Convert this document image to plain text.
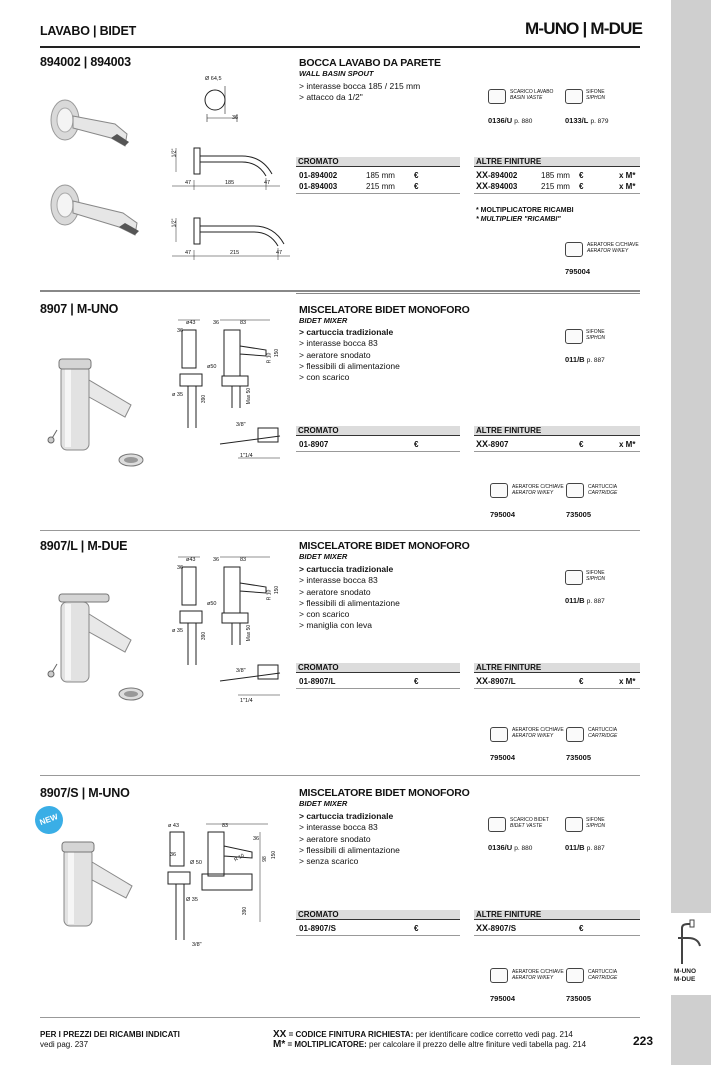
M-UNO
M-DUE
LAVABO | BIDET	M-UNO | M-DUE
894002 | 894003
Ø 64,5
36
1/2"
47	185	47
1/2"
47	215	47
BOCCA LAVABO DA PARETE
WALL BASIN SPOUT
> interasse bocca 185 / 215 mm
> attacco da 1/2"
SCARICO LAVABO
BASIN VASTE
SIFONE
SIPHON
0136/U p. 880	0133/L p. 879
CROMATO
01-894002	185 mm €
01-894003	215 mm €
ALTRE FINITURE
XX-894002	185 mm €	x M*
XX-894003	215 mm €	x M*
* MOLTIPLICATORE RICAMBI
* MULTIPLIER "RICAMBI"
AERATORE C/CHIAVE
AERATOR W/KEY
795004
8907 | M-UNO
ø43
36
36	83
R 10 150
ø 35
ø50
390	Max 50
3/8"
1"1/4
MISCELATORE BIDET MONOFORO
BIDET MIXER
> cartuccia tradizionale
> interasse bocca 83
> aeratore snodato
> flessibili di alimentazione
> con scarico
SIFONE
SIPHON
011/B p. 887
CROMATO
01-8907	€
ALTRE FINITURE
XX-8907	€	x M*
AERATORE C/CHIAVE
AERATOR W/KEY
CARTUCCIA
CARTRIDGE
795004	735005
8907/L | M-DUE
ø43
36
36	83
R 10 150
ø 35
ø50
390	Max 50
3/8"
1"1/4
MISCELATORE BIDET MONOFORO
BIDET MIXER
> cartuccia tradizionale
> interasse bocca 83
> aeratore snodato
> flessibili di alimentazione
> con scarico
> maniglia con leva
SIFONE
SIPHON
011/B p. 887
CROMATO
01-8907/L	€
ALTRE FINITURE
XX-8907/L	€	x M*
AERATORE C/CHIAVE
AERATOR W/KEY
CARTUCCIA
CARTRIDGE
795004	735005
8907/S | M-UNO
NEW	ø 43	83
36
R 10
36
Ø 50
98 150
Ø 35
390
3/8"
MISCELATORE BIDET MONOFORO
BIDET MIXER
> cartuccia tradizionale
> interasse bocca 83
> aeratore snodato
> flessibili di alimentazione
> senza scarico
SCARICO BIDET
BIDET VASTE
SIFONE
SIPHON
0136/U p. 880	011/B p. 887
CROMATO
01-8907/S	€
ALTRE FINITURE
XX-8907/S	€
AERATORE C/CHIAVE
AERATOR W/KEY
CARTUCCIA
CARTRIDGE
795004	735005
PER I PREZZI DEI RICAMBI INDICATI
vedi pag. 237
XX = CODICE FINITURA RICHIESTA: per identificare codice corretto vedi pag. 214
M* = MOLTIPLICATORE: per calcolare il prezzo delle altre finiture vedi tabella pag. 214	223
